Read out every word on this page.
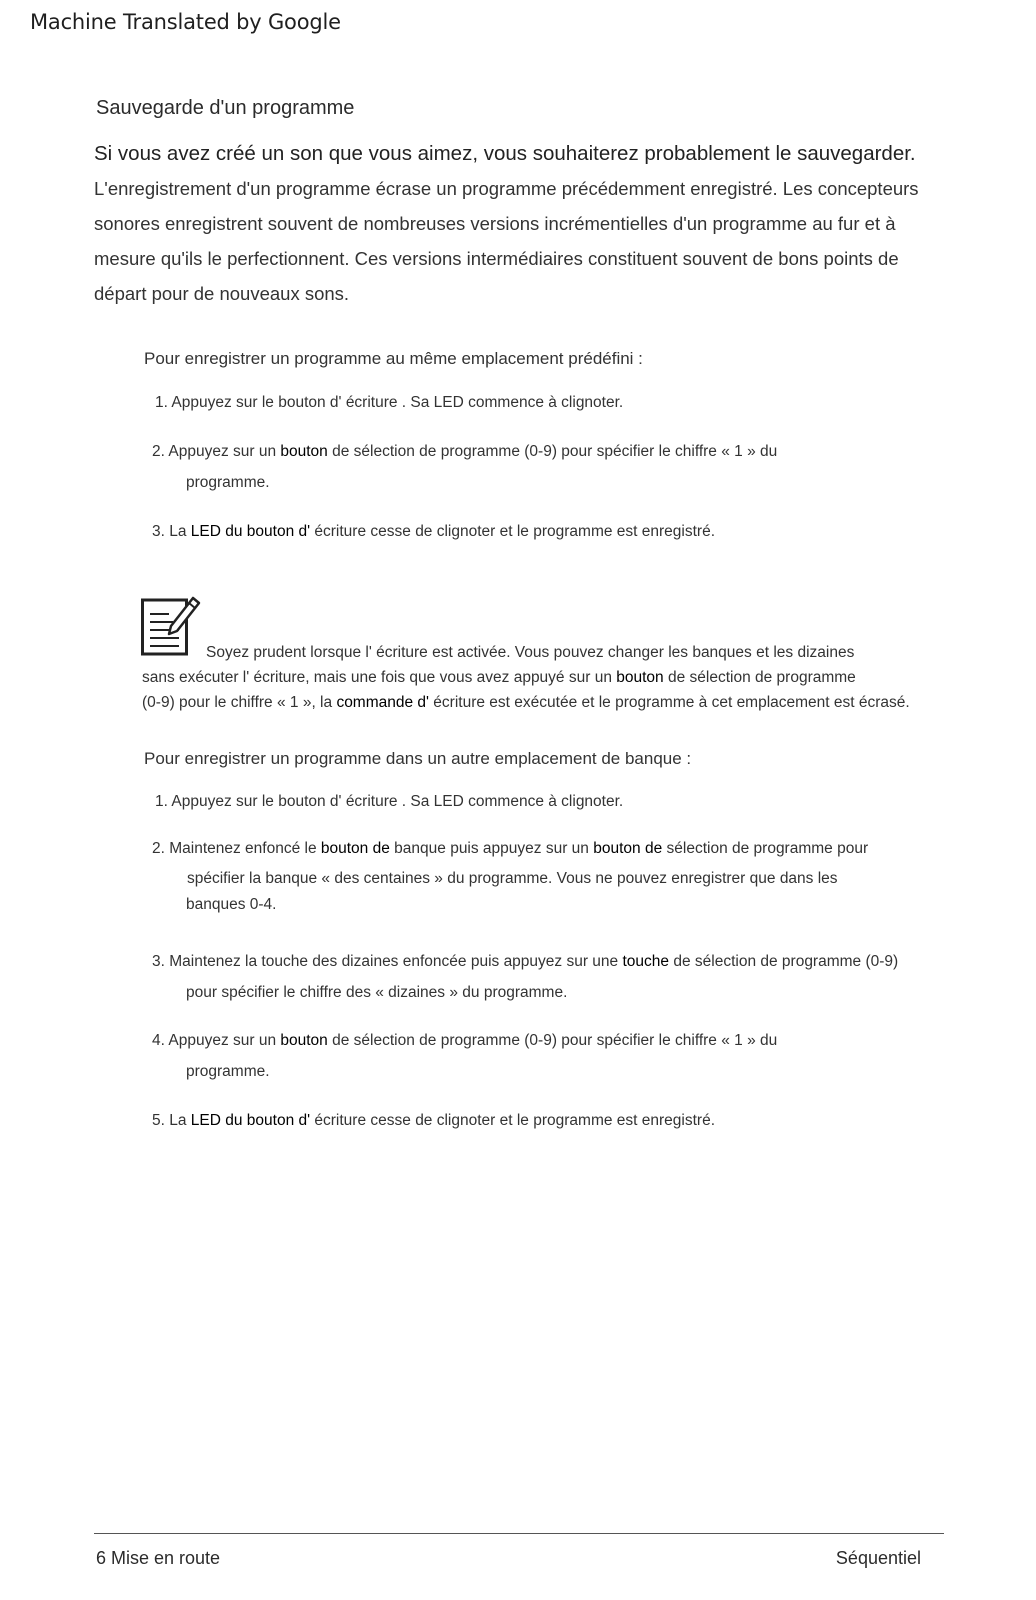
Machine Translated by Google
Sauvegarde d'un programme
Si vous avez créé un son que vous aimez, vous souhaiterez probablement le sauvegarder.
L'enregistrement d'un programme écrase un programme précédemment enregistré. Les concepteurs sonores enregistrent souvent de nombreuses versions incrémentielles d'un programme au fur et à mesure qu'ils le perfectionnent. Ces versions intermédiaires constituent souvent de bons points de départ pour de nouveaux sons.
Pour enregistrer un programme au même emplacement prédéfini :
1. Appuyez sur le bouton d' écriture . Sa LED commence à clignoter.
2. Appuyez sur un bouton de sélection de programme (0-9) pour spécifier le chiffre « 1 » du
programme.
3. La LED du bouton d' écriture cesse de clignoter et le programme est enregistré.
Soyez prudent lorsque l' écriture est activée. Vous pouvez changer les banques et les dizaines
sans exécuter l' écriture, mais une fois que vous avez appuyé sur un bouton de sélection de programme
(0-9) pour le chiffre « 1 », la commande d' écriture est exécutée et le programme à cet emplacement est écrasé.
Pour enregistrer un programme dans un autre emplacement de banque :
1. Appuyez sur le bouton d' écriture . Sa LED commence à clignoter.
2. Maintenez enfoncé le bouton de banque puis appuyez sur un bouton de sélection de programme pour
spécifier la banque « des centaines » du programme. Vous ne pouvez enregistrer que dans les
banques 0-4.
3. Maintenez la touche des dizaines enfoncée puis appuyez sur une touche de sélection de programme (0-9)
pour spécifier le chiffre des « dizaines » du programme.
4. Appuyez sur un bouton de sélection de programme (0-9) pour spécifier le chiffre « 1 » du
programme.
5. La LED du bouton d' écriture cesse de clignoter et le programme est enregistré.
6 Mise en route	Séquentiel
